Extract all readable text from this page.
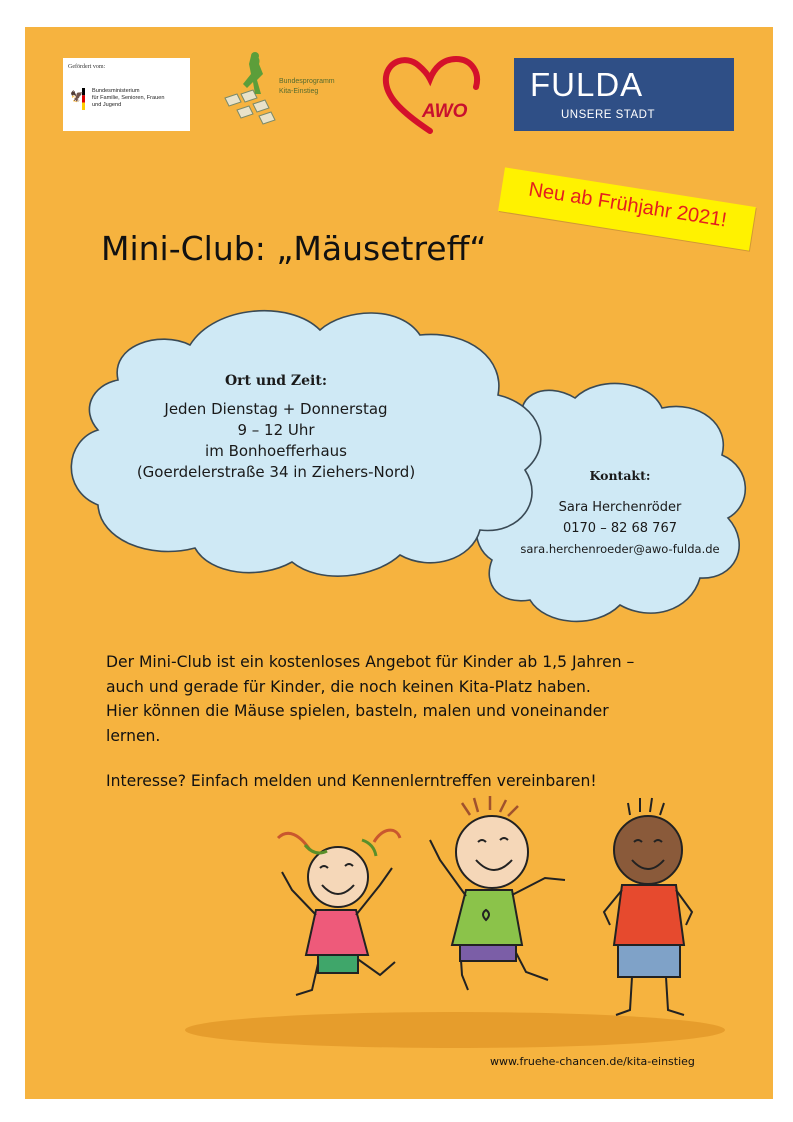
Gefördert vom:
🦅 Bundesministerium
für Familie, Senioren, Frauen
und Jugend
Bundesprogramm
Kita-Einstieg
AWO
FULDA
UNSERE STADT
Neu ab Frühjahr 2021!
Mini-Club: „Mäusetreff“
Ort und Zeit:
Jeden Dienstag + Donnerstag
9 – 12 Uhr
im Bonhoefferhaus
(Goerdelerstraße 34 in Ziehers-Nord)	Kontakt:
Sara Herchenröder
0170 – 82 68 767
sara.herchenroeder@awo-fulda.de
Der Mini-Club ist ein kostenloses Angebot für Kinder ab 1,5 Jahren –
auch und gerade für Kinder, die noch keinen Kita-Platz haben.
Hier können die Mäuse spielen, basteln, malen und voneinander
lernen.
Interesse? Einfach melden und Kennenlerntreffen vereinbaren!
www.fruehe-chancen.de/kita-einstieg
